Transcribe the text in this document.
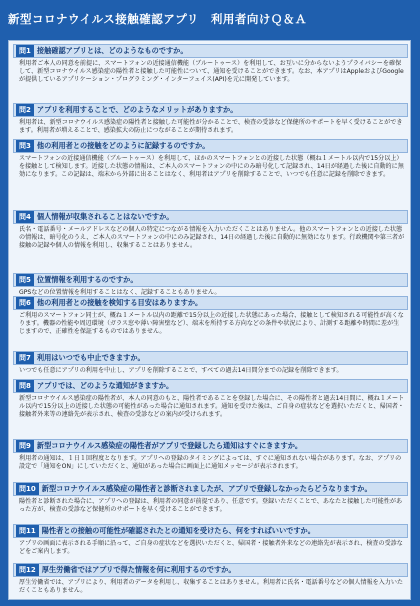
新型コロナウイルス接触確認アプリ　利用者向けＱ＆Ａ
問1 接触確認アプリとは、どのようなものですか。
利用者ご本人の同意を前提に、スマートフォンの近接通信機能（ブルートゥース）を利用して、お互いに分からないようプライバシーを確保して、新型コロナウイルス感染症の陽性者と接触した可能性について、通知を受けることができます。なお、本アプリはAppleおよびGoogleが提供しているアプリケーション・プログラミング・インターフェイス(API)を元に開発しています。
問2 アプリを利用することで、どのようなメリットがありますか。
利用者は、新型コロナウイルス感染症の陽性者と接触した可能性が分かることで、検査の受診など保健所のサポートを早く受けることができます。利用者が増えることで、感染拡大の防止につながることが期待されます。
問3 他の利用者との接触をどのように記録するのですか。
スマートフォンの近接通信機能（ブルートゥース）を利用して、ほかのスマートフォンとの近接した状態（概ね１メートル以内で15分以上）を接触として検知します。近接した状態の情報は、ご本人のスマートフォンの中にのみ暗号化して記録され、14日が経過した後に自動的に無効になります。この記録は、端末から外部に出ることはなく、利用者はアプリを削除することで、いつでも任意に記録を削除できます。
問4 個人情報が収集されることはないですか。
氏名・電話番号・メールアドレスなどの個人の特定につながる情報を入力いただくことはありません。他のスマートフォンとの近接した状態の情報は、暗号化のうえ、ご本人のスマートフォンの中にのみ記録され、14日の経過した後に自動的に無効になります。行政機関や第三者が接触の記録や個人の情報を利用し、収集することはありません。
問5 位置情報を利用するのですか。
GPSなどの位置情報を利用することはなく、記録することもありません。
問6 他の利用者との接触を検知する目安はありますか。
ご利用のスマートフォン同士が、概ね１メートル以内の距離で15分以上の近接した状態にあった場合、接触として検知される可能性が高くなります。機器の性能や周辺環境（ガラス窓や薄い障害壁など）、端末を所持する方向などの条件や状況により、計測する距離や時間に差が生じますので、正確性を保証するものではありません。
問7 利用はいつでも中止できますか。
いつでも任意にアプリの利用を中止し、アプリを削除することで、すべての過去14日間分までの記録を削除できます。
問8 アプリでは、どのような通知がきますか。
新型コロナウイルス感染症の陽性者が、本人の同意のもと、陽性者であることを登録した場合に、その陽性者と過去14日間に、概ね１メートル以内で15分以上の近接した状態の可能性があった場合に通知されます。通知を受けた後は、ご自身の症状などを選択いただくと、帰国者・接触者外来等の連絡先が表示され、検査の受診などの案内が受けられます。
問9 新型コロナウイルス感染症の陽性者がアプリで登録したら通知はすぐにきますか。
利用者の通知は、１日１回程度となります。アプリへの登録のタイミングによっては、すぐに通知されない場合があります。なお、アプリの設定で「通知をON」にしていただくと、通知があった場合に画面上に通知メッセージが表示されます。
問10 新型コロナウイルス感染症の陽性者と診断されましたが、アプリで登録しなかったらどうなりますか。
陽性者と診断された場合に、アプリへの登録は、利用者の同意が前提であり、任意です。登録いただくことで、あなたと接触した可能性があった方が、検査の受診など保健所のサポートを早く受けることができます。
問11 陽性者との接触の可能性が確認されたとの通知を受けたら、何をすればいいですか。
アプリの画面に表示される手順に沿って、ご自身の症状などを選択いただくと、帰国者・接触者外来などの連絡先が表示され、検査の受診などをご案内します。
問12 厚生労働省ではアプリで得た情報を何に利用するのですか。
厚生労働省では、アプリにより、利用者のデータを利用し、収集することはありません。利用者に氏名・電話番号などの個人情報を入力いただくこともありません。
